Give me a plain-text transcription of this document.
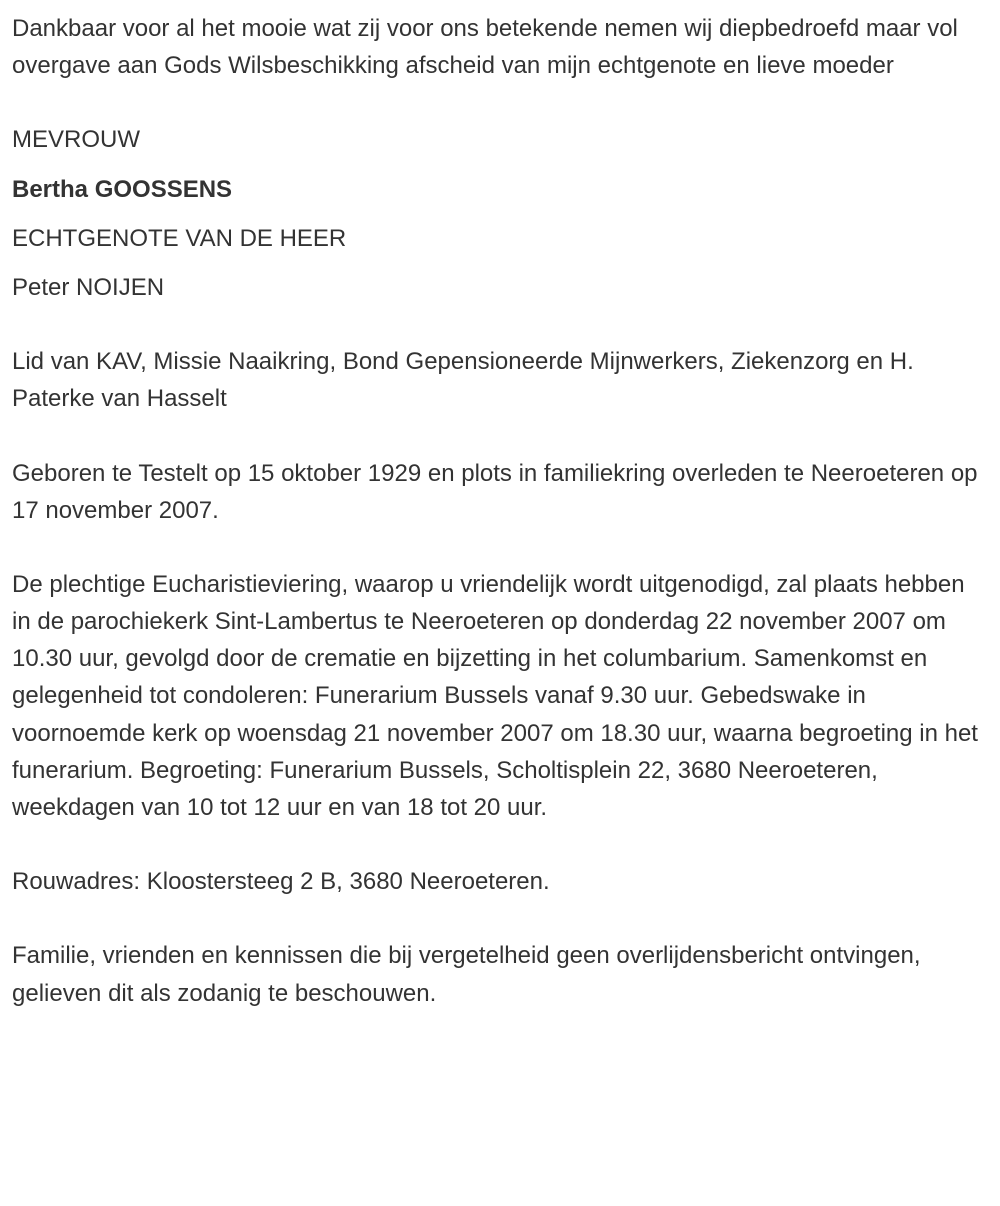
Dankbaar voor al het mooie wat zij voor ons betekende nemen wij diepbedroefd maar vol overgave aan Gods Wilsbeschikking afscheid van mijn echtgenote en lieve moeder

MEVROUW
Bertha GOOSSENS
ECHTGENOTE VAN DE HEER
Peter NOIJEN

Lid van KAV, Missie Naaikring, Bond Gepensioneerde Mijnwerkers, Ziekenzorg en H. Paterke van Hasselt

Geboren te Testelt op 15 oktober 1929 en plots in familiekring overleden te Neeroeteren op 17 november 2007.

De plechtige Eucharistieviering, waarop u vriendelijk wordt uitgenodigd, zal plaats hebben in de parochiekerk Sint-Lambertus te Neeroeteren op donderdag 22 november 2007 om 10.30 uur, gevolgd door de crematie en bijzetting in het columbarium. Samenkomst en gelegenheid tot condoleren: Funerarium Bussels vanaf 9.30 uur. Gebedswake in voornoemde kerk op woensdag 21 november 2007 om 18.30 uur, waarna begroeting in het funerarium. Begroeting: Funerarium Bussels, Scholtisplein 22, 3680 Neeroeteren, weekdagen van 10 tot 12 uur en van 18 tot 20 uur.

Rouwadres: Kloostersteeg 2 B, 3680 Neeroeteren.

Familie, vrienden en kennissen die bij vergetelheid geen overlijdensbericht ontvingen, gelieven dit als zodanig te beschouwen.
